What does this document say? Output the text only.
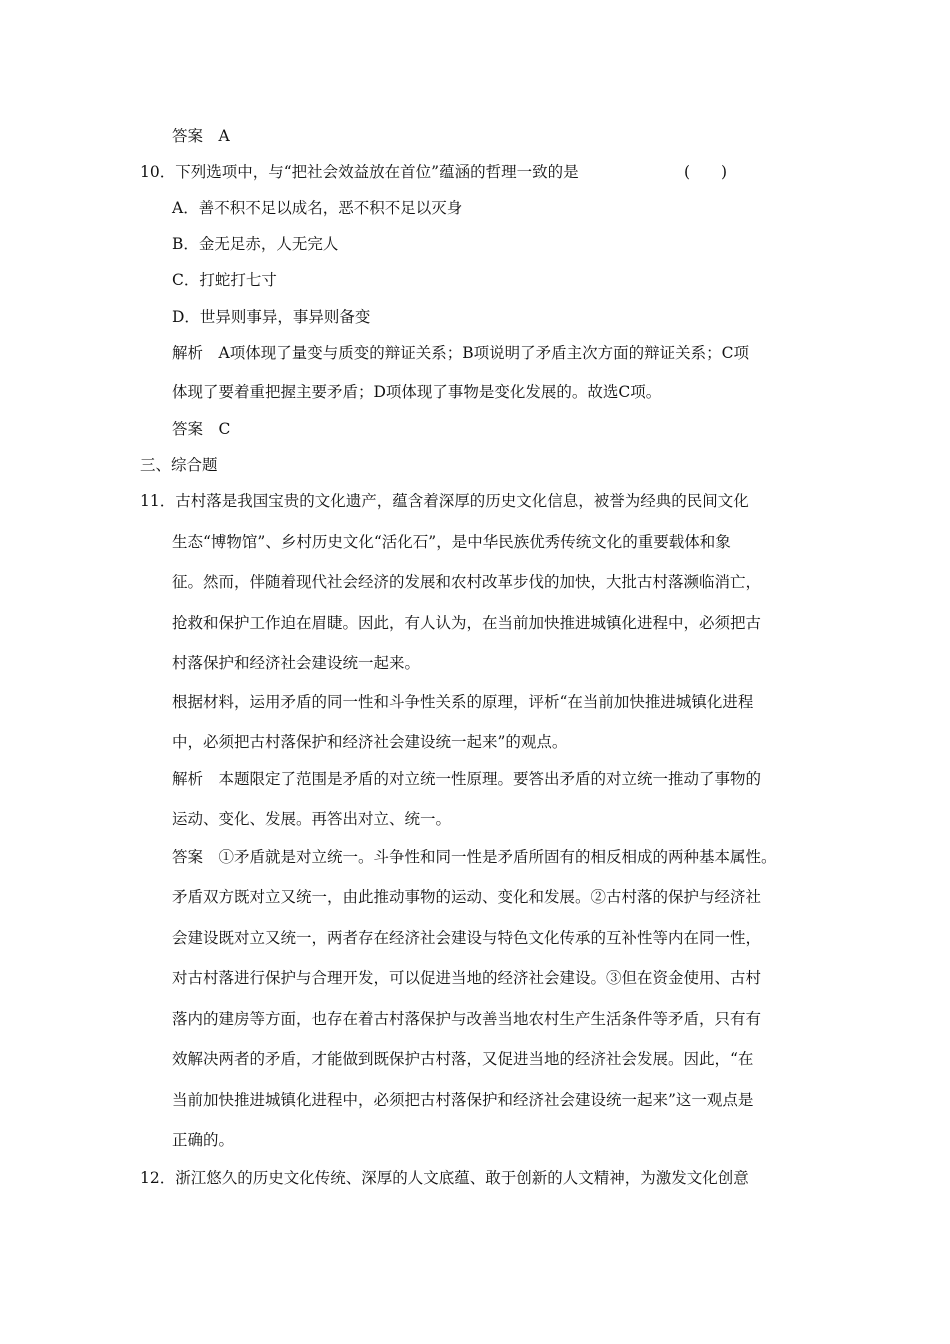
答案　A
10．下列选项中，与“把社会效益放在首位”蕴涵的哲理一致的是	(　　)
A．善不积不足以成名，恶不积不足以灭身
B．金无足赤，人无完人
C．打蛇打七寸
D．世异则事异，事异则备变
解析　A项体现了量变与质变的辩证关系；B项说明了矛盾主次方面的辩证关系；C项
体现了要着重把握主要矛盾；D项体现了事物是变化发展的。故选C项。
答案　C
三、综合题
11．古村落是我国宝贵的文化遗产，蕴含着深厚的历史文化信息，被誉为经典的民间文化
生态“博物馆”、乡村历史文化“活化石”，是中华民族优秀传统文化的重要载体和象
征。然而，伴随着现代社会经济的发展和农村改革步伐的加快，大批古村落濒临消亡，
抢救和保护工作迫在眉睫。因此，有人认为，在当前加快推进城镇化进程中，必须把古
村落保护和经济社会建设统一起来。
根据材料，运用矛盾的同一性和斗争性关系的原理，评析“在当前加快推进城镇化进程
中，必须把古村落保护和经济社会建设统一起来”的观点。
解析　本题限定了范围是矛盾的对立统一性原理。要答出矛盾的对立统一推动了事物的
运动、变化、发展。再答出对立、统一。
答案　①矛盾就是对立统一。斗争性和同一性是矛盾所固有的相反相成的两种基本属性。
矛盾双方既对立又统一，由此推动事物的运动、变化和发展。②古村落的保护与经济社
会建设既对立又统一，两者存在经济社会建设与特色文化传承的互补性等内在同一性，
对古村落进行保护与合理开发，可以促进当地的经济社会建设。③但在资金使用、古村
落内的建房等方面，也存在着古村落保护与改善当地农村生产生活条件等矛盾，只有有
效解决两者的矛盾，才能做到既保护古村落，又促进当地的经济社会发展。因此，“在
当前加快推进城镇化进程中，必须把古村落保护和经济社会建设统一起来”这一观点是
正确的。
12．浙江悠久的历史文化传统、深厚的人文底蕴、敢于创新的人文精神，为激发文化创意
